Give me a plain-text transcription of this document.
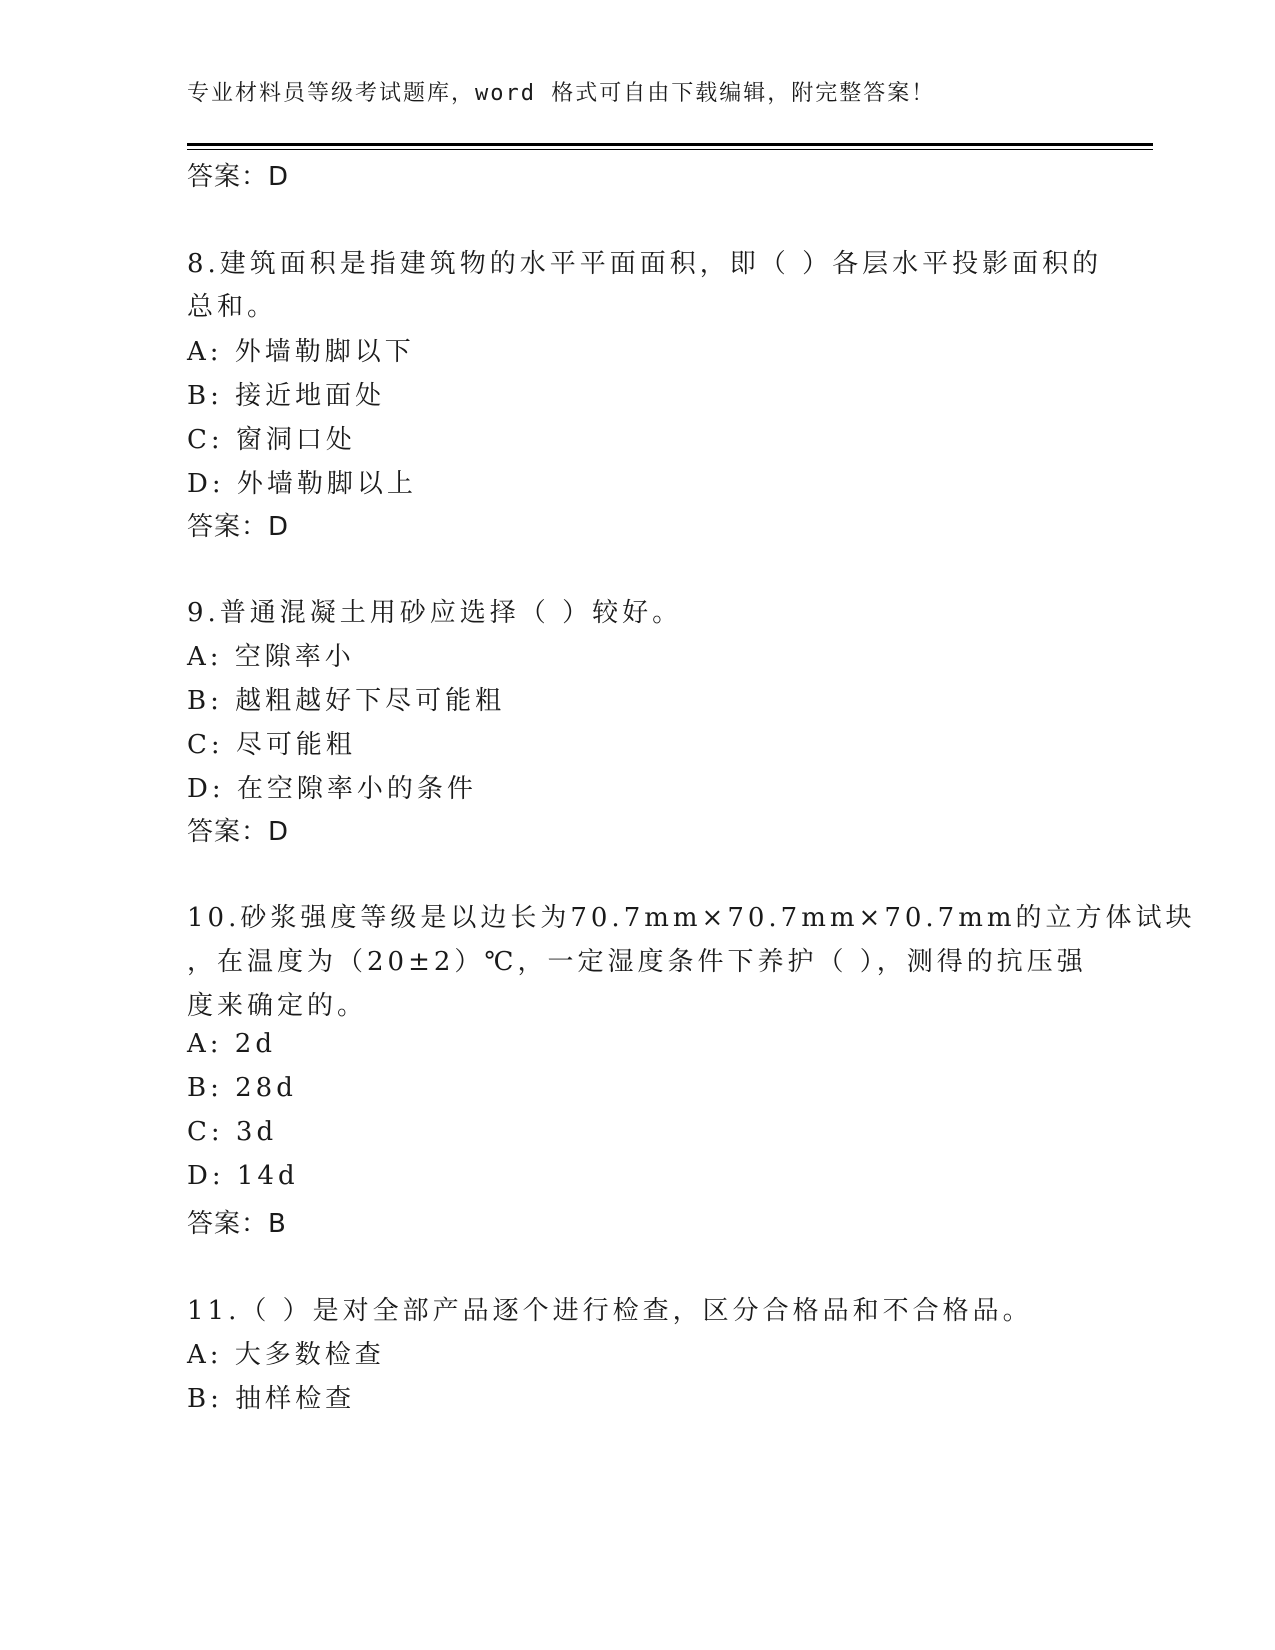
专业材料员等级考试题库，word 格式可自由下载编辑，附完整答案！
答案：D
8.建筑面积是指建筑物的水平平面面积，即（ ）各层水平投影面积的
总和。
A: 外墙勒脚以下
B: 接近地面处
C: 窗洞口处
D: 外墙勒脚以上
答案：D
9.普通混凝土用砂应选择（ ）较好。
A: 空隙率小
B: 越粗越好下尽可能粗
C: 尽可能粗
D: 在空隙率小的条件
答案：D
10.砂浆强度等级是以边长为70.7mm×70.7mm×70.7mm的立方体试块
，在温度为（20±2）℃，一定湿度条件下养护（ ），测得的抗压强
度来确定的。
A: 2d
B: 28d
C: 3d
D: 14d
答案：B
11.（ ）是对全部产品逐个进行检查，区分合格品和不合格品。
A: 大多数检查
B: 抽样检查
